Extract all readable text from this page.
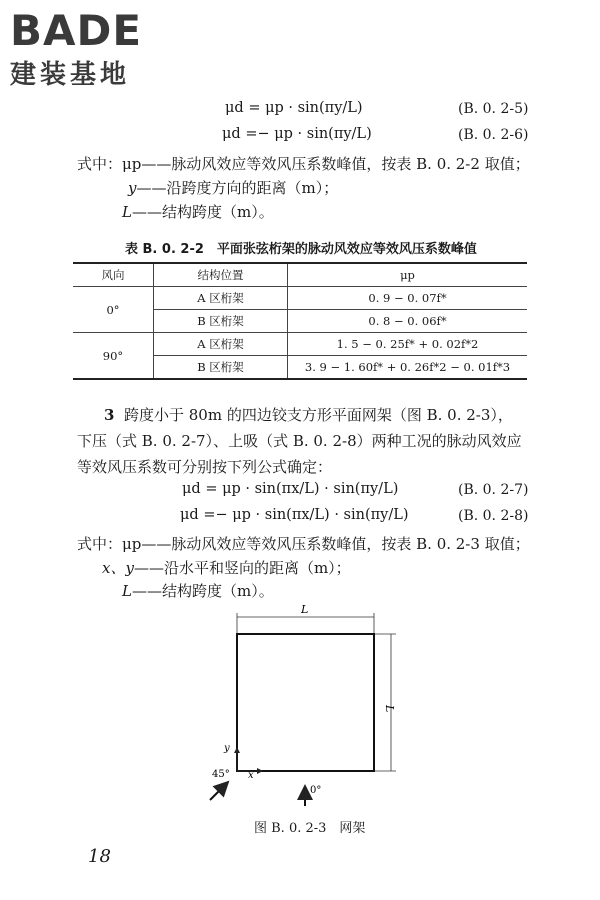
BADE
建装基地
μd = μp · sin(πy/L)	(B. 0. 2-5)
μd =− μp · sin(πy/L)	(B. 0. 2-6)
式中：μp——脉动风效应等效风压系数峰值，按表 B. 0. 2-2 取值；
y——沿跨度方向的距离（m）；
L——结构跨度（m）。
表 B. 0. 2-2　平面张弦桁架的脉动风效应等效风压系数峰值
风向	结构位置	μp
0°	A 区桁架	0. 9 − 0. 07f*
	B 区桁架	0. 8 − 0. 06f*
90°	A 区桁架	1. 5 − 0. 25f* + 0. 02f*2
	B 区桁架	3. 9 − 1. 60f* + 0. 26f*2 − 0. 01f*3
3 跨度小于 80m 的四边铰支方形平面网架（图 B. 0. 2-3），
下压（式 B. 0. 2-7）、上吸（式 B. 0. 2-8）两种工况的脉动风效应
等效风压系数可分别按下列公式确定：
μd = μp · sin(πx/L) · sin(πy/L)	(B. 0. 2-7)
μd =− μp · sin(πx/L) · sin(πy/L)	(B. 0. 2-8)
式中：μp——脉动风效应等效风压系数峰值，按表 B. 0. 2-3 取值；
x、y——沿水平和竖向的距离（m）；
L——结构跨度（m）。
L
L
y
x
45°
0°
图 B. 0. 2-3　网架
18
